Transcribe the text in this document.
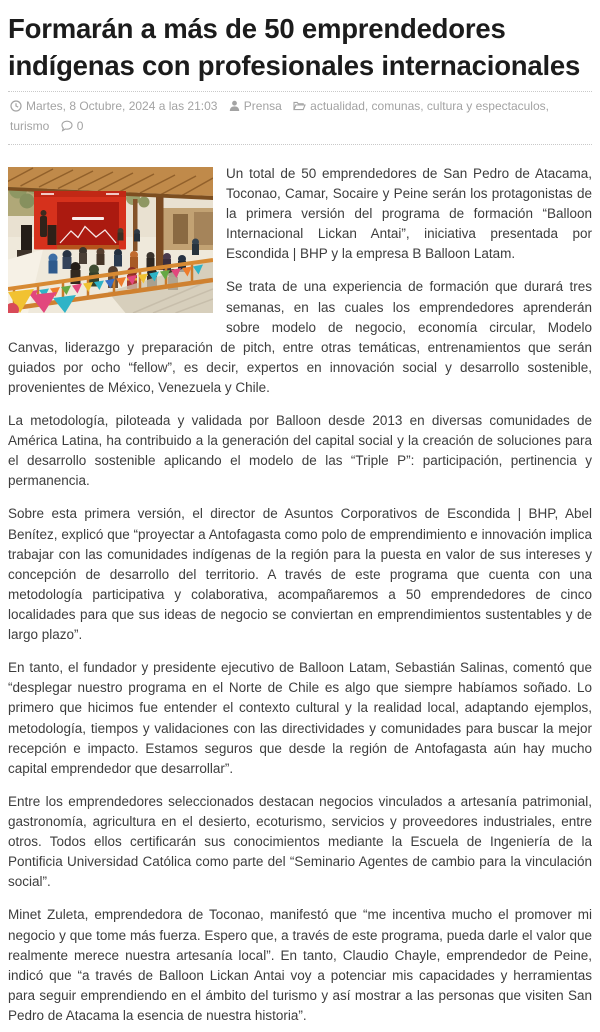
Formarán a más de 50 emprendedores indígenas con profesionales internacionales
Martes, 8 Octubre, 2024 a las 21:03 Prensa actualidad, comunas, cultura y espectaculos, turismo 0

Un total de 50 emprendedores de San Pedro de Atacama, Toconao, Camar, Socaire y Peine serán los protagonistas de la primera versión del programa de formación “Balloon Internacional Lickan Antai”, iniciativa presentada por Escondida | BHP y la empresa B Balloon Latam.

Se trata de una experiencia de formación que durará tres semanas, en las cuales los emprendedores aprenderán sobre modelo de negocio, economía circular, Modelo Canvas, liderazgo y preparación de pitch, entre otras temáticas, entrenamientos que serán guiados por ocho “fellow”, es decir, expertos en innovación social y desarrollo sostenible, provenientes de México, Venezuela y Chile.

La metodología, piloteada y validada por Balloon desde 2013 en diversas comunidades de América Latina, ha contribuido a la generación del capital social y la creación de soluciones para el desarrollo sostenible aplicando el modelo de las “Triple P”: participación, pertinencia y permanencia.

Sobre esta primera versión, el director de Asuntos Corporativos de Escondida | BHP, Abel Benítez, explicó que “proyectar a Antofagasta como polo de emprendimiento e innovación implica trabajar con las comunidades indígenas de la región para la puesta en valor de sus intereses y concepción de desarrollo del territorio. A través de este programa que cuenta con una metodología participativa y colaborativa, acompañaremos a 50 emprendedores de cinco localidades para que sus ideas de negocio se conviertan en emprendimientos sustentables y de largo plazo”.

En tanto, el fundador y presidente ejecutivo de Balloon Latam, Sebastián Salinas, comentó que “desplegar nuestro programa en el Norte de Chile es algo que siempre habíamos soñado. Lo primero que hicimos fue entender el contexto cultural y la realidad local, adaptando ejemplos, metodología, tiempos y validaciones con las directividades y comunidades para buscar la mejor recepción e impacto. Estamos seguros que desde la región de Antofagasta aún hay mucho capital emprendedor que desarrollar”.

Entre los emprendedores seleccionados destacan negocios vinculados a artesanía patrimonial, gastronomía, agricultura en el desierto, ecoturismo, servicios y proveedores industriales, entre otros. Todos ellos certificarán sus conocimientos mediante la Escuela de Ingeniería de la Pontificia Universidad Católica como parte del “Seminario Agentes de cambio para la vinculación social”.

Minet Zuleta, emprendedora de Toconao, manifestó que “me incentiva mucho el promover mi negocio y que tome más fuerza. Espero que, a través de este programa, pueda darle el valor que realmente merece nuestra artesanía local”. En tanto, Claudio Chayle, emprendedor de Peine, indicó que “a través de Balloon Lickan Antai voy a potenciar mis capacidades y herramientas para seguir emprendiendo en el ámbito del turismo y así mostrar a las personas que visiten San Pedro de Atacama la esencia de nuestra historia”.
